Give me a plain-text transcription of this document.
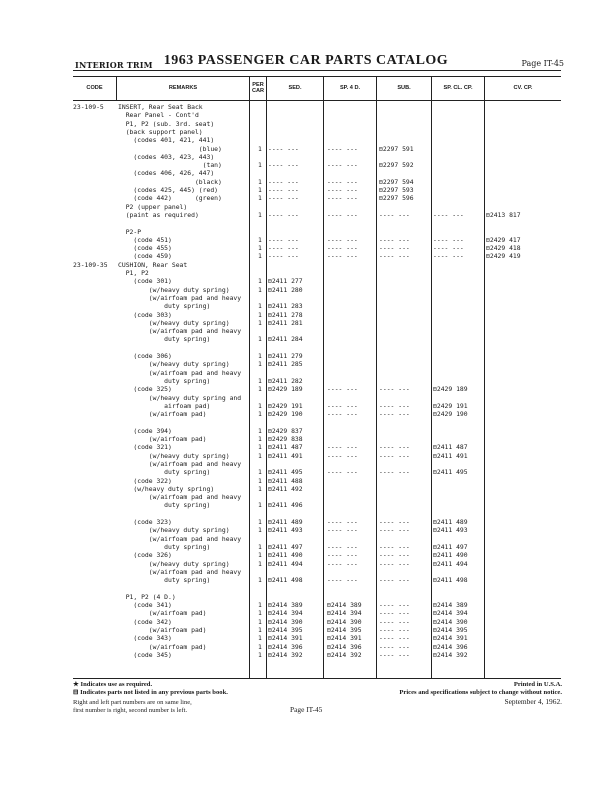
INTERIOR TRIM 1963 PASSENGER CAR PARTS CATALOG	Page IT-45
CODE	REMARKS	PER
CAR	SED.	SP. 4 D.	SUB.	SP. CL. CP.	CV. CP.
23-109-5 INSERT, Rear Seat Back
Rear Panel - Cont'd
P1, P2 (sub. 3rd. seat)
(back support panel)
(codes 401, 421, 441)
(blue)	1 ---- ---	---- ---	⊟2297 591
(codes 403, 423, 443)
(tan)	1 ---- ---	---- ---	⊟2297 592
(codes 406, 426, 447)
(black)	1 ---- ---	---- ---	⊟2297 594
(codes 425, 445) (red)	1 ---- ---	---- ---	⊟2297 593
(code 442)      (green)	1 ---- ---	---- ---	⊟2297 596
P2 (upper panel)
(paint as required)	1 ---- ---	---- ---	---- ---	---- ---	⊟2413 817
P2-P
(code 451)	1 ---- ---	---- ---	---- ---	---- ---	⊟2429 417
(code 455)	1 ---- ---	---- ---	---- ---	---- ---	⊟2429 418
(code 459)	1 ---- ---	---- ---	---- ---	---- ---	⊟2429 419
23-109-35 CUSHION, Rear Seat
P1, P2
(code 301)	1 ⊟2411 277
(w/heavy duty spring)	1 ⊟2411 280
(w/airfoam pad and heavy
duty spring)	1 ⊟2411 283
(code 303)	1 ⊟2411 278
(w/heavy duty spring)	1 ⊟2411 281
(w/airfoam pad and heavy
duty spring)	1 ⊟2411 284
(code 306)	1 ⊟2411 279
(w/heavy duty spring)	1 ⊟2411 285
(w/airfoam pad and heavy
duty spring)	1 ⊟2411 282
(code 325)	1 ⊟2429 189	---- ---	---- ---	⊟2429 189
(w/heavy duty spring and
airfoam pad)	1 ⊟2429 191	---- ---	---- ---	⊟2429 191
(w/airfoam pad)	1 ⊟2429 190	---- ---	---- ---	⊟2429 190
(code 394)	1 ⊟2429 837
(w/airfoam pad)	1 ⊟2429 838
(code 321)	1 ⊟2411 487	---- ---	---- ---	⊟2411 487
(w/heavy duty spring)	1 ⊟2411 491	---- ---	---- ---	⊟2411 491
(w/airfoam pad and heavy
duty spring)	1 ⊟2411 495	---- ---	---- ---	⊟2411 495
(code 322)	1 ⊟2411 488
(w/heavy duty spring)	1 ⊟2411 492
(w/airfoam pad and heavy
duty spring)	1 ⊟2411 496
(code 323)	1 ⊟2411 489	---- ---	---- ---	⊟2411 489
(w/heavy duty spring)	1 ⊟2411 493	---- ---	---- ---	⊟2411 493
(w/airfoam pad and heavy
duty spring)	1 ⊟2411 497	---- ---	---- ---	⊟2411 497
(code 326)	1 ⊟2411 490	---- ---	---- ---	⊟2411 490
(w/heavy duty spring)	1 ⊟2411 494	---- ---	---- ---	⊟2411 494
(w/airfoam pad and heavy
duty spring)	1 ⊟2411 498	---- ---	---- ---	⊟2411 498
P1, P2 (4 D.)
(code 341)	1 ⊟2414 389	⊟2414 389	---- ---	⊟2414 389
(w/airfoam pad)	1 ⊟2414 394	⊟2414 394	---- ---	⊟2414 394
(code 342)	1 ⊟2414 390	⊟2414 390	---- ---	⊟2414 390
(w/airfoam pad)	1 ⊟2414 395	⊟2414 395	---- ---	⊟2414 395
(code 343)	1 ⊟2414 391	⊟2414 391	---- ---	⊟2414 391
(w/airfoam pad)	1 ⊟2414 396	⊟2414 396	---- ---	⊟2414 396
(code 345)	1 ⊟2414 392	⊟2414 392	---- ---	⊟2414 392
★ Indicates use as required.
⊟ Indicates parts not listed in any previous parts book.
Right and left part numbers are on same line,
first number is right, second number is left.	Page IT-45
Printed in U.S.A.
Prices and specifications subject to change without notice.
September 4, 1962.
